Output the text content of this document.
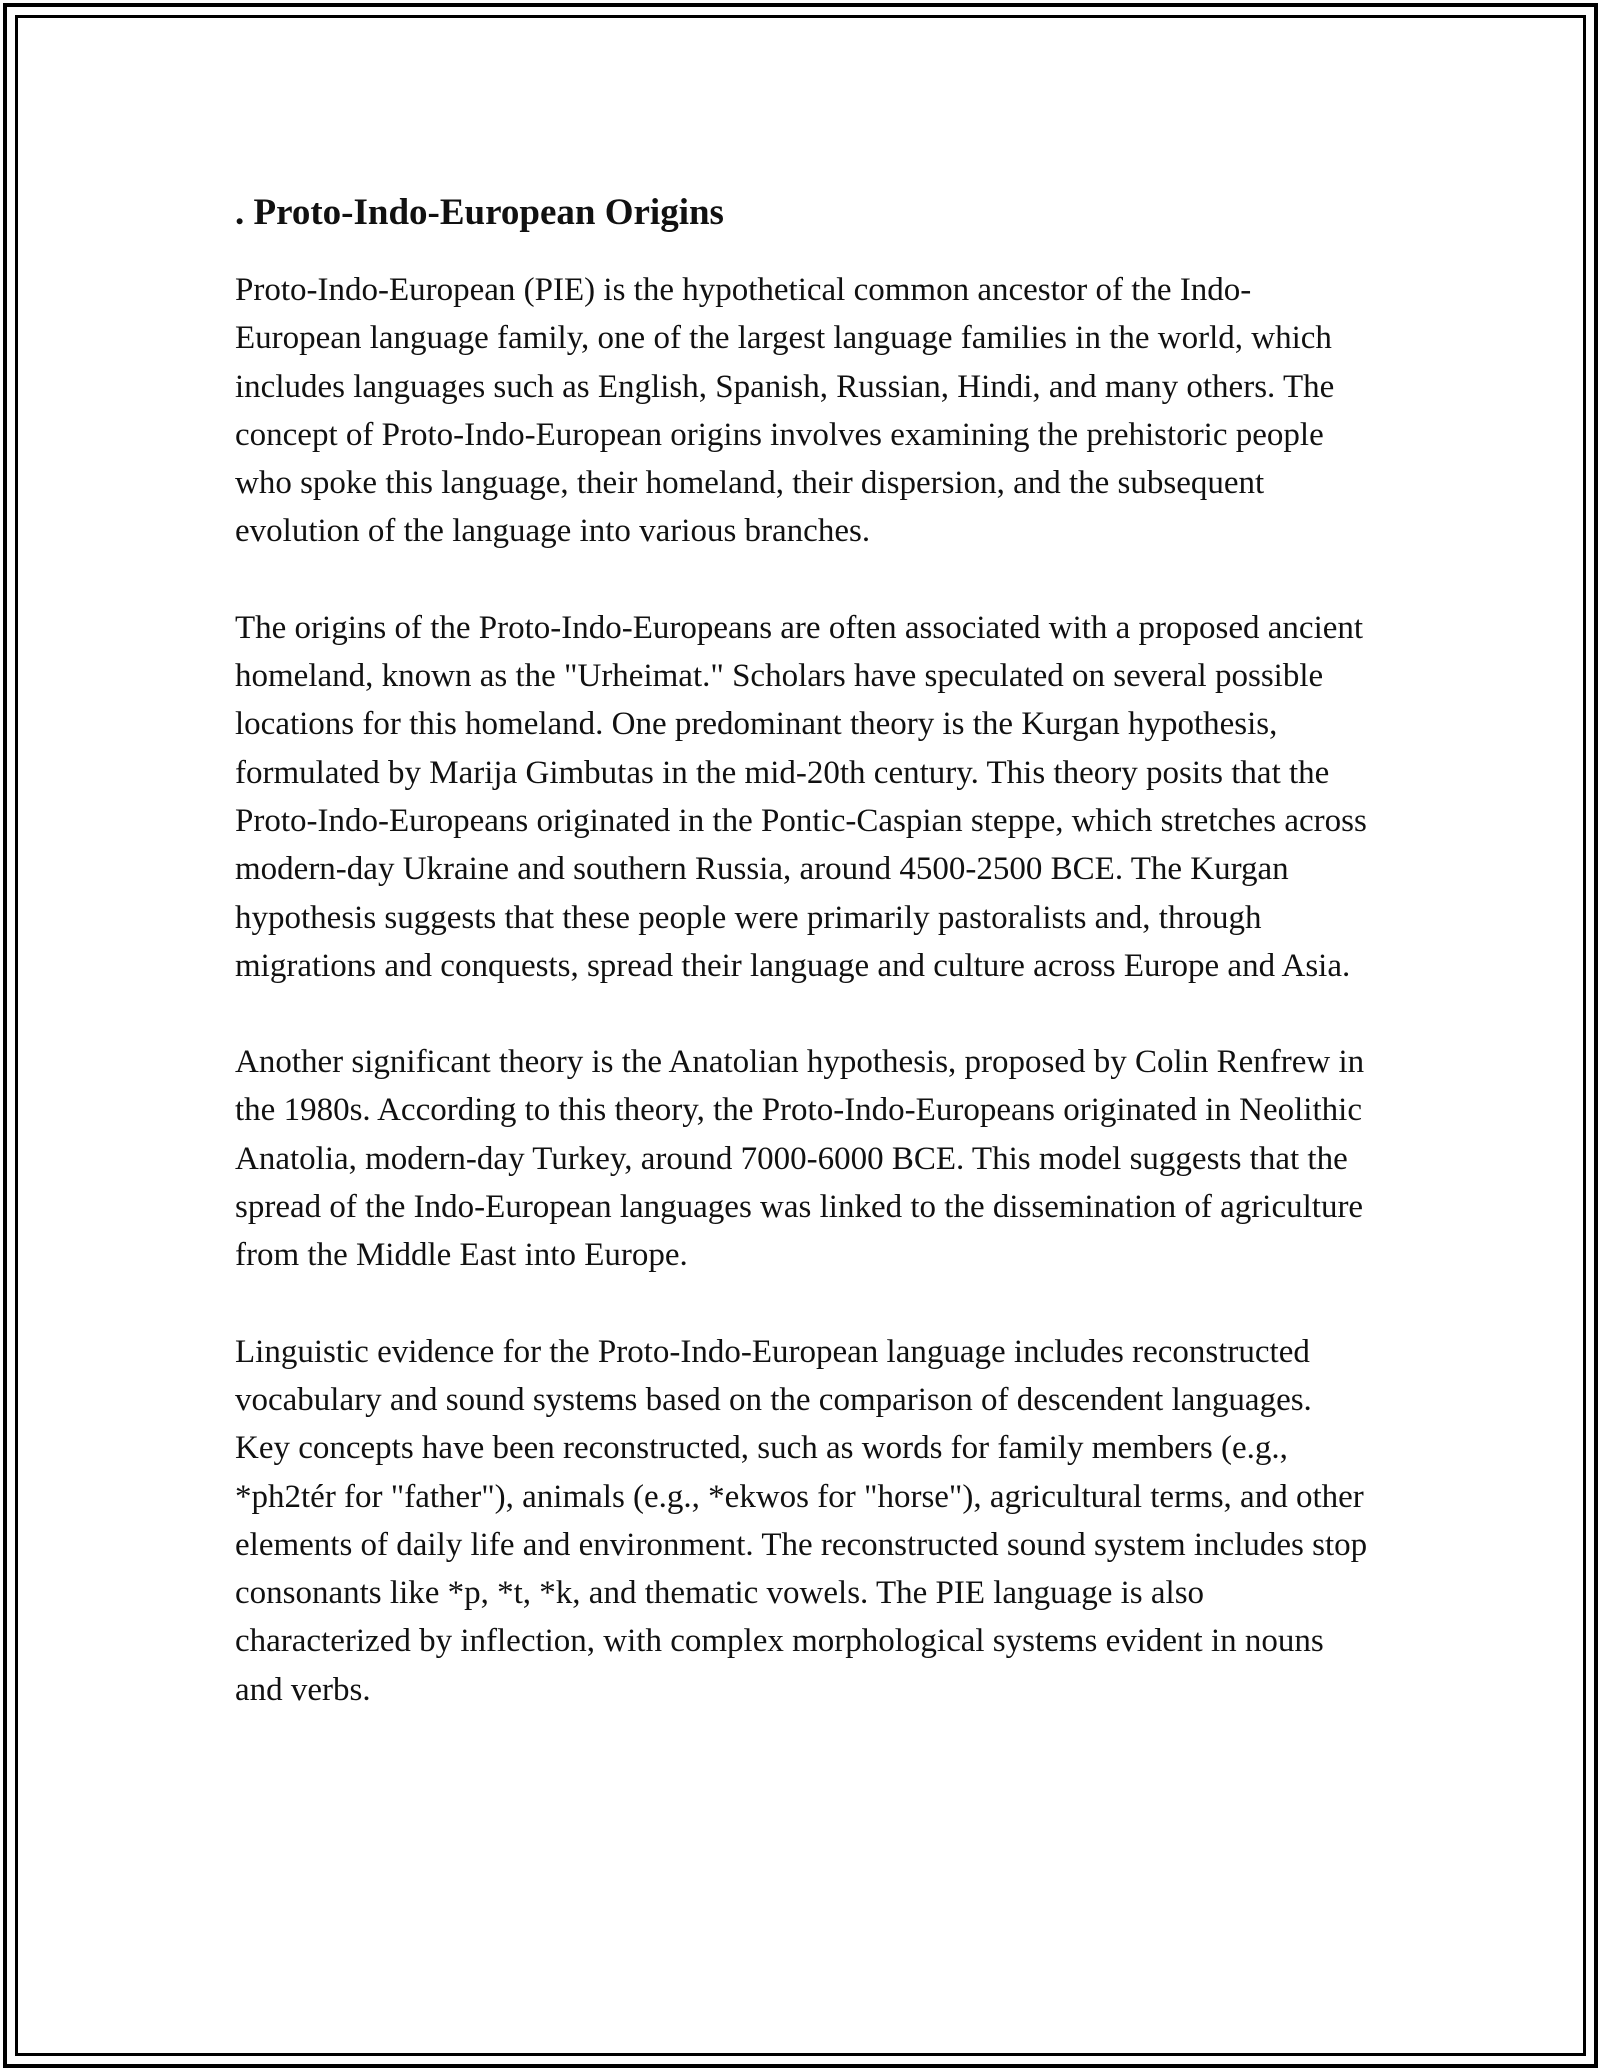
. Proto-Indo-European Origins

Proto-Indo-European (PIE) is the hypothetical common ancestor of the Indo-European language family, one of the largest language families in the world, which includes languages such as English, Spanish, Russian, Hindi, and many others. The concept of Proto-Indo-European origins involves examining the prehistoric people who spoke this language, their homeland, their dispersion, and the subsequent evolution of the language into various branches.

The origins of the Proto-Indo-Europeans are often associated with a proposed ancient homeland, known as the "Urheimat." Scholars have speculated on several possible locations for this homeland. One predominant theory is the Kurgan hypothesis, formulated by Marija Gimbutas in the mid-20th century. This theory posits that the Proto-Indo-Europeans originated in the Pontic-Caspian steppe, which stretches across modern-day Ukraine and southern Russia, around 4500-2500 BCE. The Kurgan hypothesis suggests that these people were primarily pastoralists and, through migrations and conquests, spread their language and culture across Europe and Asia.

Another significant theory is the Anatolian hypothesis, proposed by Colin Renfrew in the 1980s. According to this theory, the Proto-Indo-Europeans originated in Neolithic Anatolia, modern-day Turkey, around 7000-6000 BCE. This model suggests that the spread of the Indo-European languages was linked to the dissemination of agriculture from the Middle East into Europe.

Linguistic evidence for the Proto-Indo-European language includes reconstructed vocabulary and sound systems based on the comparison of descendent languages. Key concepts have been reconstructed, such as words for family members (e.g., *ph2tér for "father"), animals (e.g., *ekwos for "horse"), agricultural terms, and other elements of daily life and environment. The reconstructed sound system includes stop consonants like *p, *t, *k, and thematic vowels. The PIE language is also characterized by inflection, with complex morphological systems evident in nouns and verbs.
